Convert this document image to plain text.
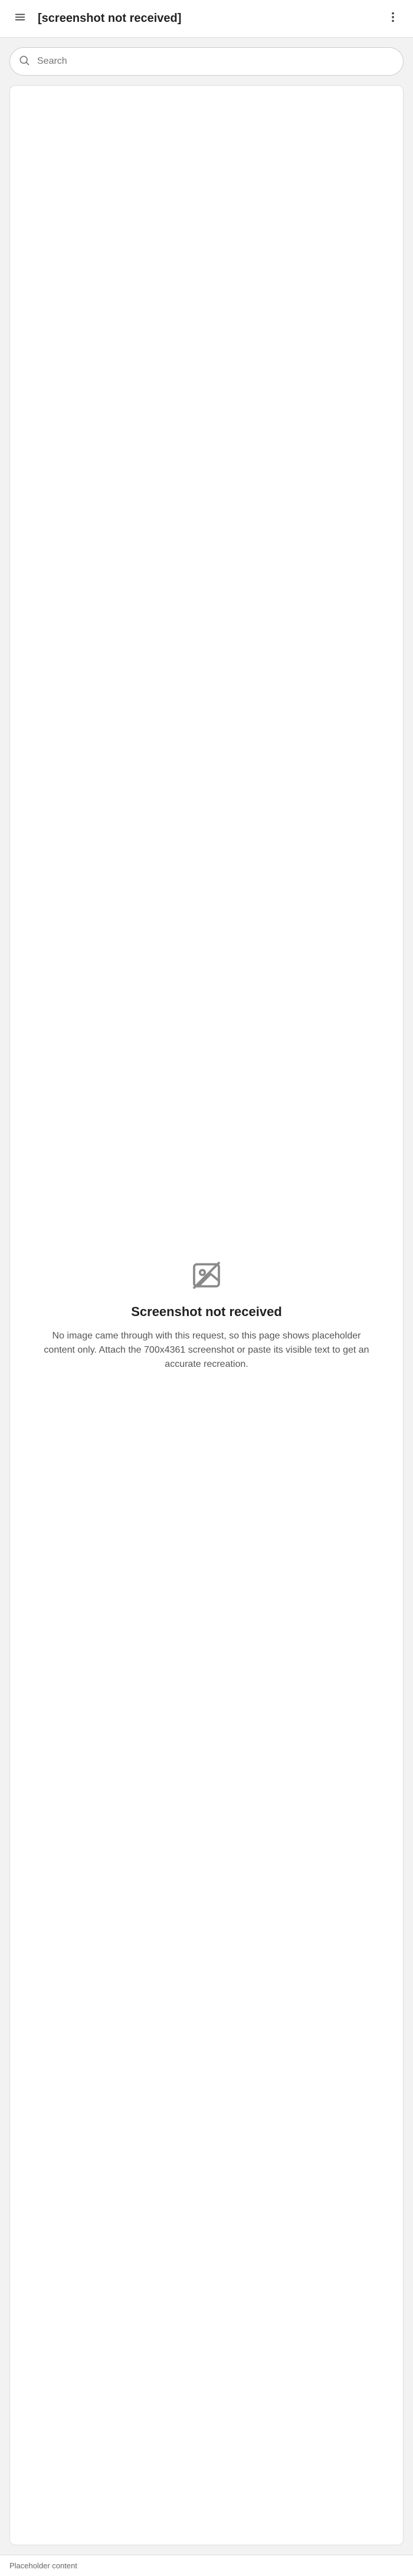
[screenshot not received]
Search
Screenshot not received
No image came through with this request, so this page shows placeholder content only. Attach the 700x4361 screenshot or paste its visible text to get an accurate recreation.
Placeholder content
